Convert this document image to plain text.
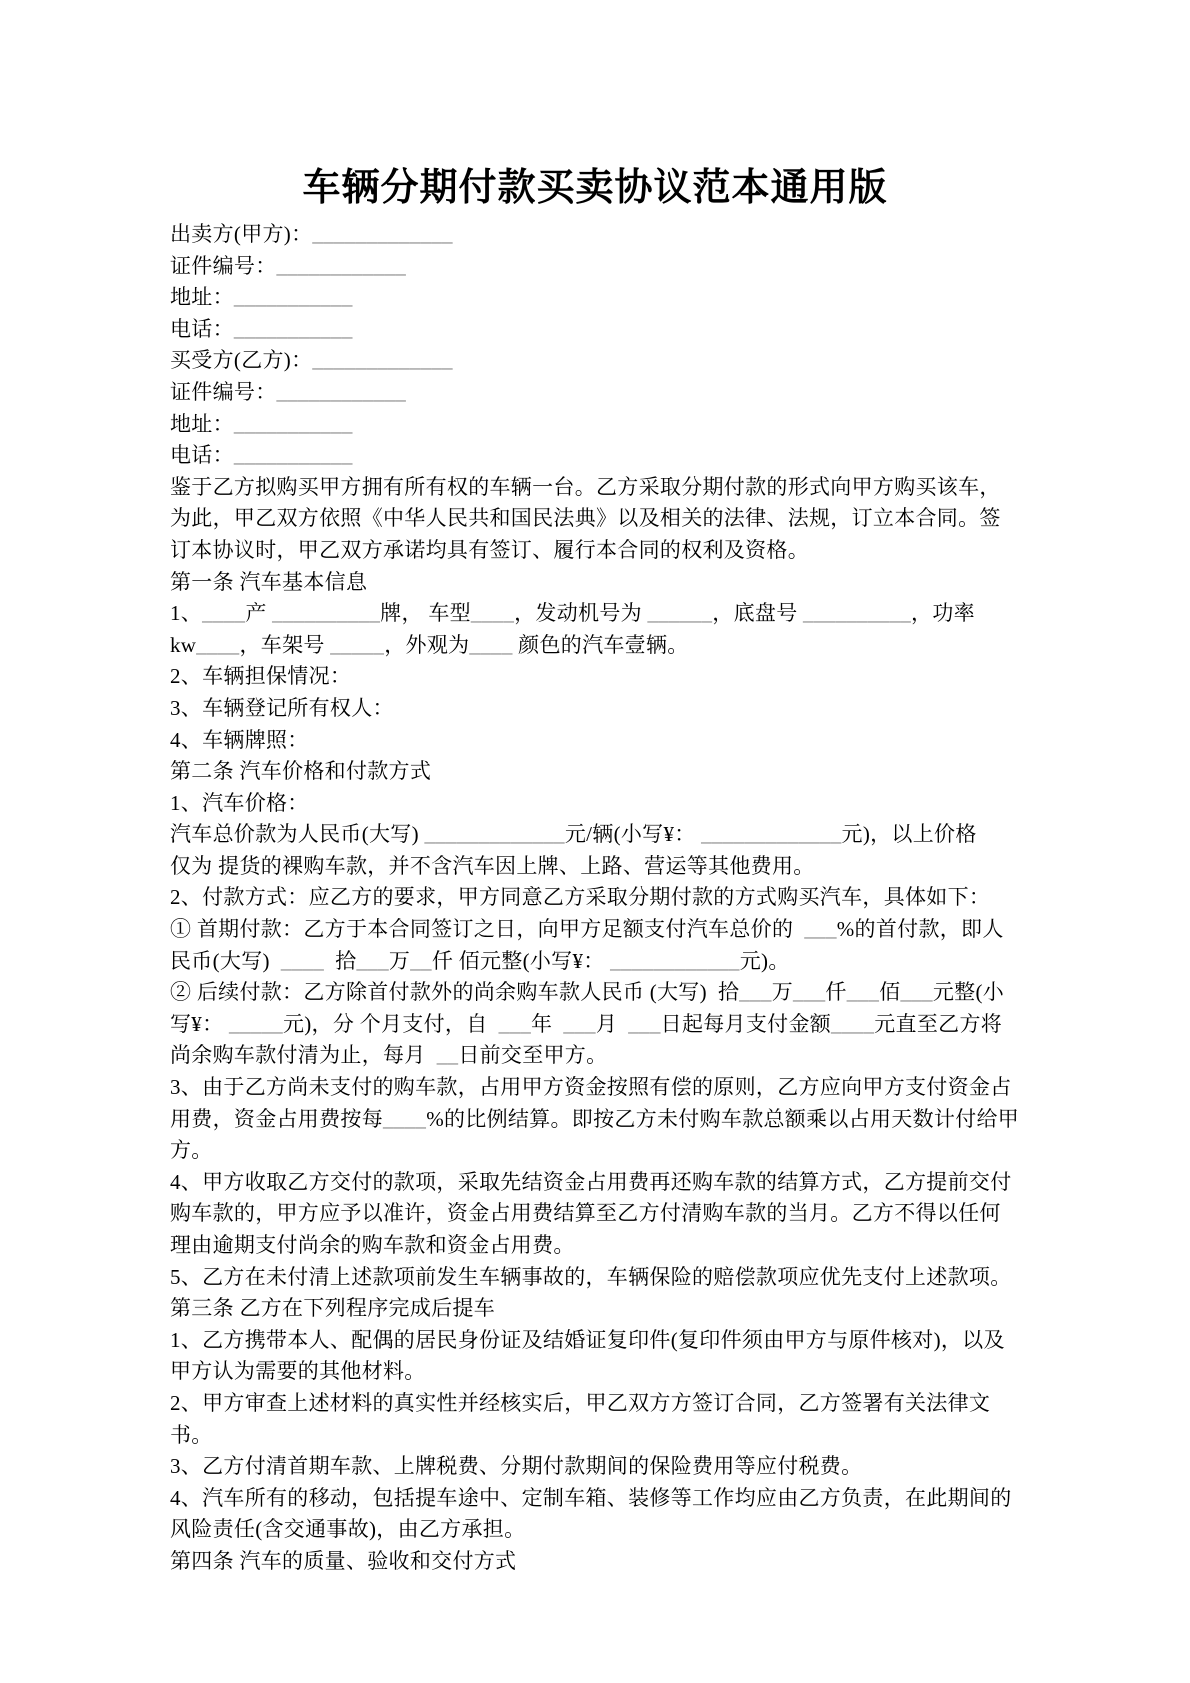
车辆分期付款买卖协议范本通用版
出卖方(甲方)：_____________
证件编号：____________
地址：___________
电话：___________
买受方(乙方)：_____________
证件编号：____________
地址：___________
电话：___________
鉴于乙方拟购买甲方拥有所有权的车辆一台。乙方采取分期付款的形式向甲方购买该车，
为此，甲乙双方依照《中华人民共和国民法典》以及相关的法律、法规，订立本合同。签
订本协议时，甲乙双方承诺均具有签订、履行本合同的权利及资格。
第一条 汽车基本信息
1、____产 __________牌， 车型____，发动机号为 ______，底盘号 __________，功率
kw____，车架号 _____，外观为____ 颜色的汽车壹辆。
2、车辆担保情况：
3、车辆登记所有权人：
4、车辆牌照：
第二条 汽车价格和付款方式
1、汽车价格：
汽车总价款为人民币(大写) _____________元/辆(小写¥： _____________元)，以上价格
仅为 提货的裸购车款，并不含汽车因上牌、上路、营运等其他费用。
2、付款方式：应乙方的要求，甲方同意乙方采取分期付款的方式购买汽车，具体如下：
① 首期付款：乙方于本合同签订之日，向甲方足额支付汽车总价的  ___%的首付款，即人
民币(大写)  ____  拾___万__仟 佰元整(小写¥： ____________元)。
② 后续付款：乙方除首付款外的尚余购车款人民币 (大写)  拾___万___仟___佰___元整(小
写¥： _____元)，分 个月支付，自  ___年  ___月  ___日起每月支付金额____元直至乙方将
尚余购车款付清为止，每月  __日前交至甲方。
3、由于乙方尚未支付的购车款，占用甲方资金按照有偿的原则，乙方应向甲方支付资金占
用费，资金占用费按每____%的比例结算。即按乙方未付购车款总额乘以占用天数计付给甲
方。
4、甲方收取乙方交付的款项，采取先结资金占用费再还购车款的结算方式，乙方提前交付
购车款的，甲方应予以准许，资金占用费结算至乙方付清购车款的当月。乙方不得以任何
理由逾期支付尚余的购车款和资金占用费。
5、乙方在未付清上述款项前发生车辆事故的，车辆保险的赔偿款项应优先支付上述款项。
第三条 乙方在下列程序完成后提车
1、乙方携带本人、配偶的居民身份证及结婚证复印件(复印件须由甲方与原件核对)，以及
甲方认为需要的其他材料。
2、甲方审查上述材料的真实性并经核实后，甲乙双方方签订合同，乙方签署有关法律文书。
3、乙方付清首期车款、上牌税费、分期付款期间的保险费用等应付税费。
4、汽车所有的移动，包括提车途中、定制车箱、装修等工作均应由乙方负责，在此期间的
风险责任(含交通事故)，由乙方承担。
第四条 汽车的质量、验收和交付方式
